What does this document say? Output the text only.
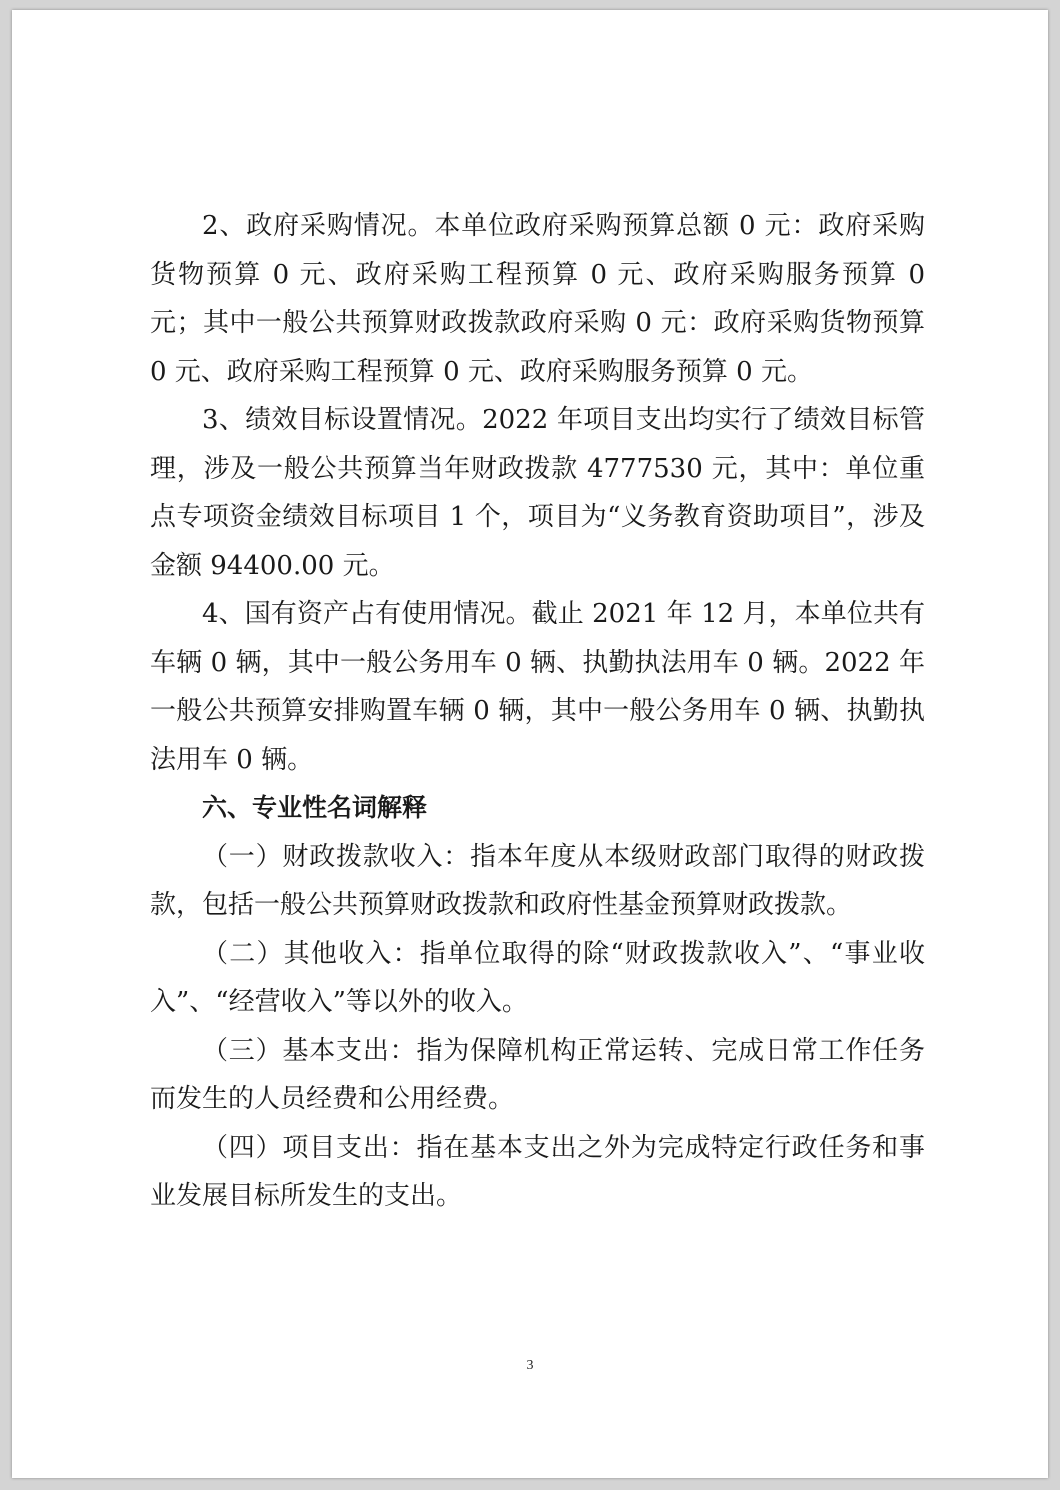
2、政府采购情况。本单位政府采购预算总额 0 元：政府采购货物预算 0 元、政府采购工程预算 0 元、政府采购服务预算 0 元；其中一般公共预算财政拨款政府采购 0 元：政府采购货物预算 0 元、政府采购工程预算 0 元、政府采购服务预算 0 元。

3、绩效目标设置情况。2022 年项目支出均实行了绩效目标管理，涉及一般公共预算当年财政拨款 4777530 元，其中：单位重点专项资金绩效目标项目 1 个，项目为“义务教育资助项目”，涉及金额 94400.00 元。

4、国有资产占有使用情况。截止 2021 年 12 月，本单位共有车辆 0 辆，其中一般公务用车 0 辆、执勤执法用车 0 辆。2022 年一般公共预算安排购置车辆 0 辆，其中一般公务用车 0 辆、执勤执法用车 0 辆。

六、专业性名词解释

（一）财政拨款收入：指本年度从本级财政部门取得的财政拨款，包括一般公共预算财政拨款和政府性基金预算财政拨款。

（二）其他收入：指单位取得的除“财政拨款收入”、“事业收入”、“经营收入”等以外的收入。

（三）基本支出：指为保障机构正常运转、完成日常工作任务而发生的人员经费和公用经费。

（四）项目支出：指在基本支出之外为完成特定行政任务和事业发展目标所发生的支出。

3
